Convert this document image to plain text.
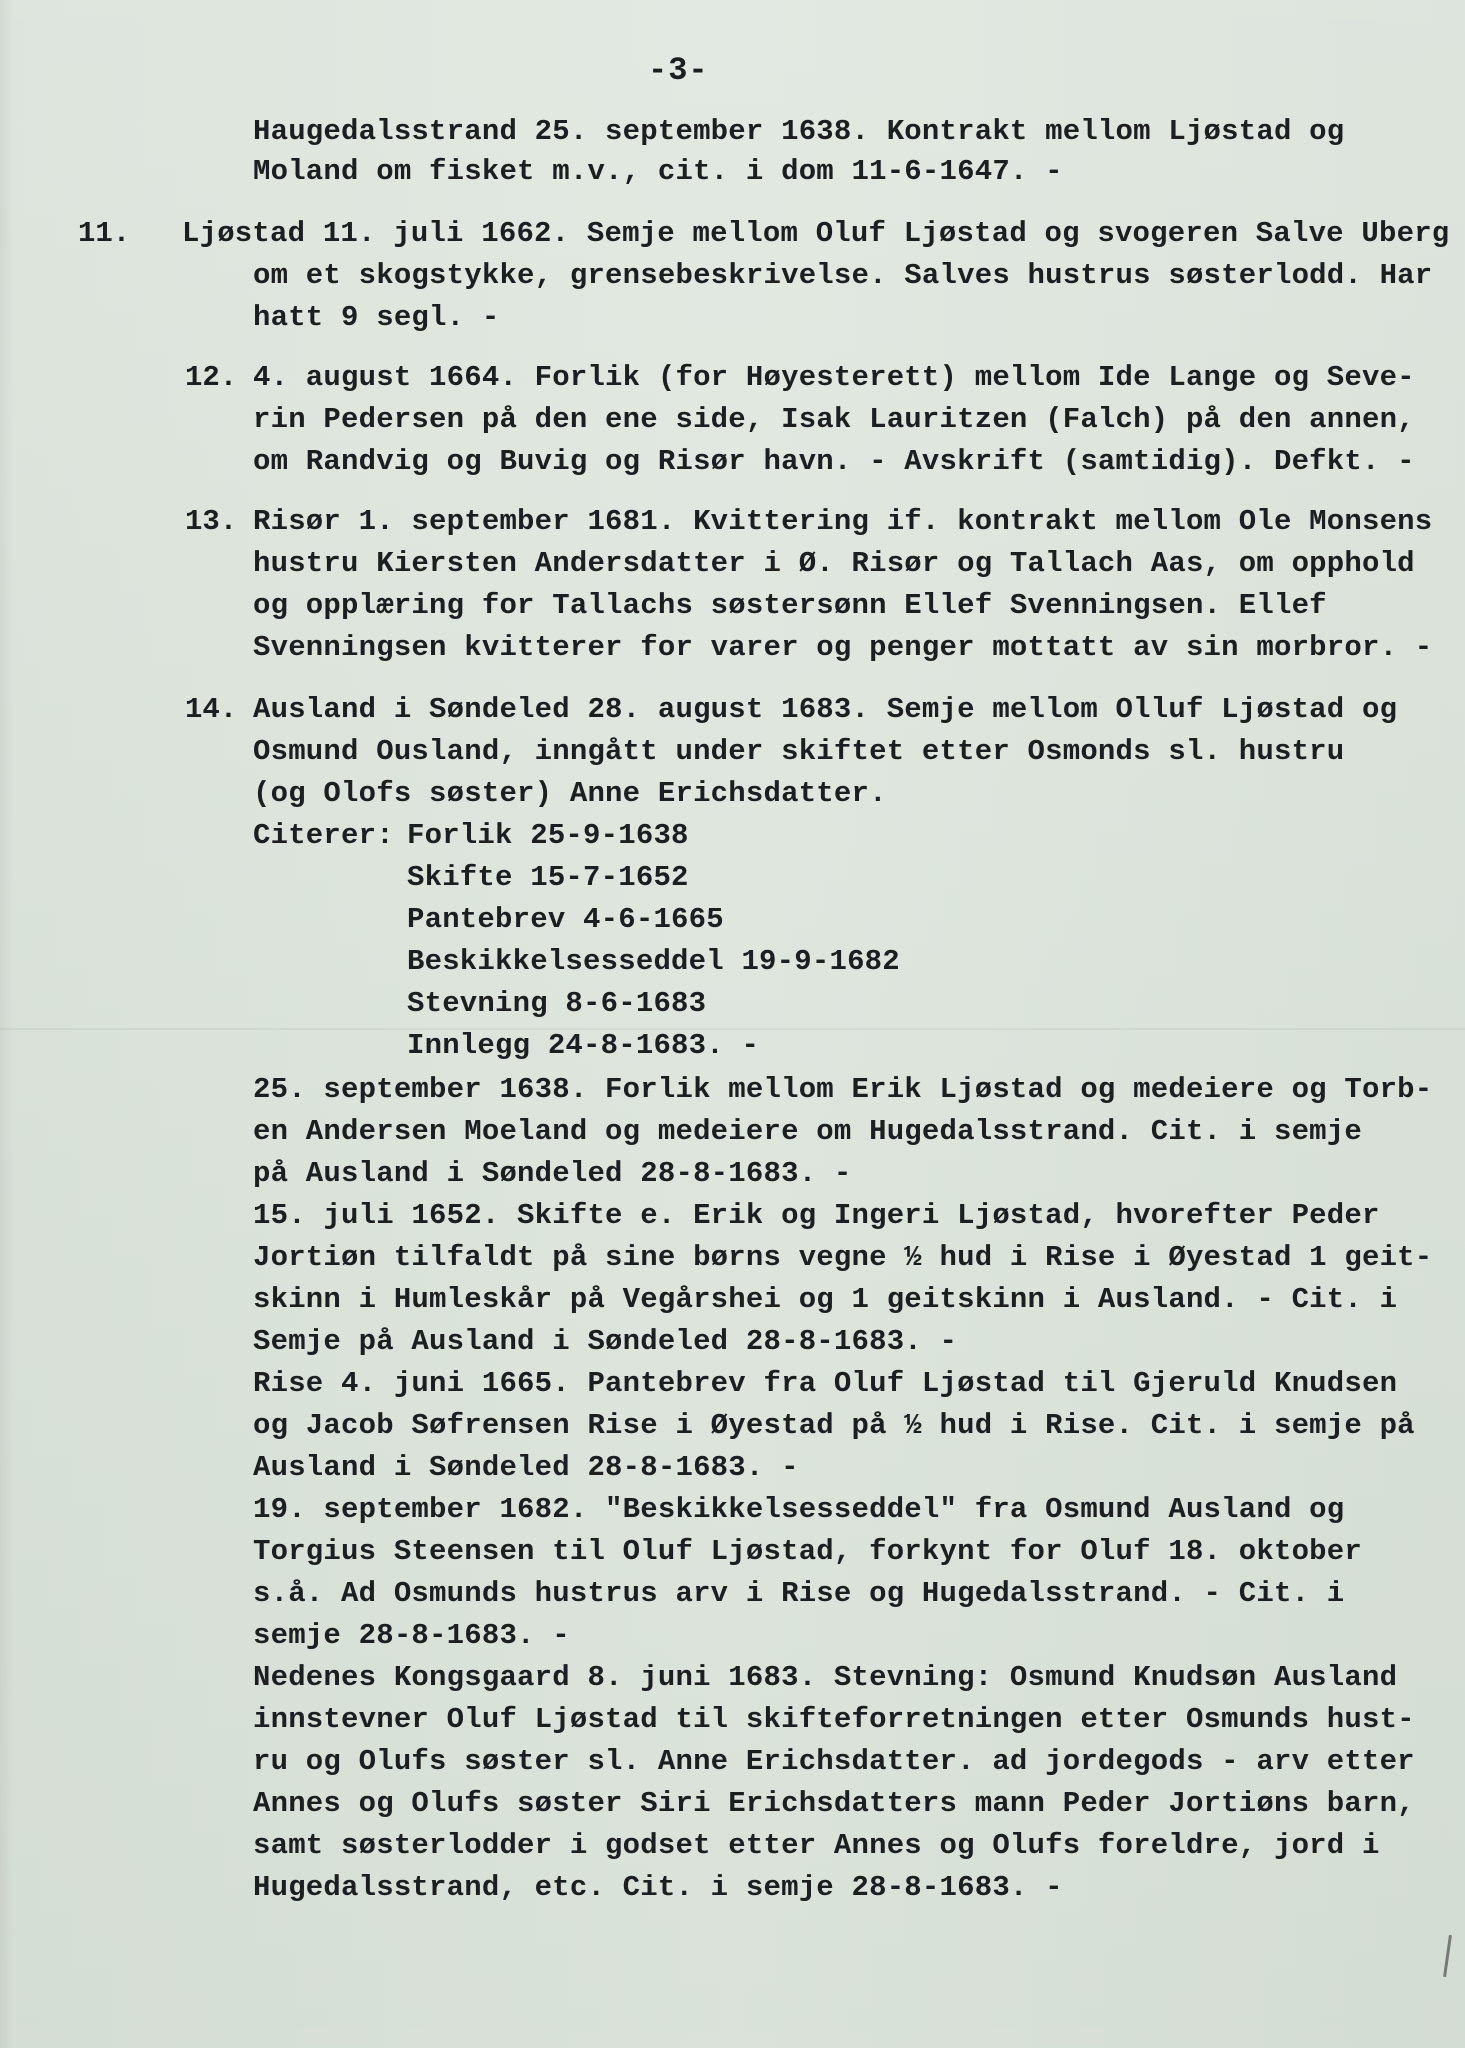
-3-
Haugedalsstrand 25. september 1638. Kontrakt mellom Ljøstad og
Moland om fisket m.v., cit. i dom 11-6-1647. -
11. Ljøstad 11. juli 1662. Semje mellom Oluf Ljøstad og svogeren Salve Uberg
om et skogstykke, grensebeskrivelse. Salves hustrus søsterlodd. Har
hatt 9 segl. -
12. 4. august 1664. Forlik (for Høyesterett) mellom Ide Lange og Seve-
rin Pedersen på den ene side, Isak Lauritzen (Falch) på den annen,
om Randvig og Buvig og Risør havn. - Avskrift (samtidig). Defkt. -
13. Risør 1. september 1681. Kvittering if. kontrakt mellom Ole Monsens
hustru Kiersten Andersdatter i Ø. Risør og Tallach Aas, om opphold
og opplæring for Tallachs søstersønn Ellef Svenningsen. Ellef
Svenningsen kvitterer for varer og penger mottatt av sin morbror. -
14. Ausland i Søndeled 28. august 1683. Semje mellom Olluf Ljøstad og
Osmund Ousland, inngått under skiftet etter Osmonds sl. hustru
(og Olofs søster) Anne Erichsdatter.
Citerer: Forlik 25-9-1638
Skifte 15-7-1652
Pantebrev 4-6-1665
Beskikkelsesseddel 19-9-1682
Stevning 8-6-1683
Innlegg 24-8-1683. -
25. september 1638. Forlik mellom Erik Ljøstad og medeiere og Torb-
en Andersen Moeland og medeiere om Hugedalsstrand. Cit. i semje
på Ausland i Søndeled 28-8-1683. -
15. juli 1652. Skifte e. Erik og Ingeri Ljøstad, hvorefter Peder
Jortiøn tilfaldt på sine børns vegne ½ hud i Rise i Øyestad 1 geit-
skinn i Humleskår på Vegårshei og 1 geitskinn i Ausland. - Cit. i
Semje på Ausland i Søndeled 28-8-1683. -
Rise 4. juni 1665. Pantebrev fra Oluf Ljøstad til Gjeruld Knudsen
og Jacob Søfrensen Rise i Øyestad på ½ hud i Rise. Cit. i semje på
Ausland i Søndeled 28-8-1683. -
19. september 1682. "Beskikkelsesseddel" fra Osmund Ausland og
Torgius Steensen til Oluf Ljøstad, forkynt for Oluf 18. oktober
s.å. Ad Osmunds hustrus arv i Rise og Hugedalsstrand. - Cit. i
semje 28-8-1683. -
Nedenes Kongsgaard 8. juni 1683. Stevning: Osmund Knudsøn Ausland
innstevner Oluf Ljøstad til skifteforretningen etter Osmunds hust-
ru og Olufs søster sl. Anne Erichsdatter. ad jordegods - arv etter
Annes og Olufs søster Siri Erichsdatters mann Peder Jortiøns barn,
samt søsterlodder i godset etter Annes og Olufs foreldre, jord i
Hugedalsstrand, etc. Cit. i semje 28-8-1683. -
